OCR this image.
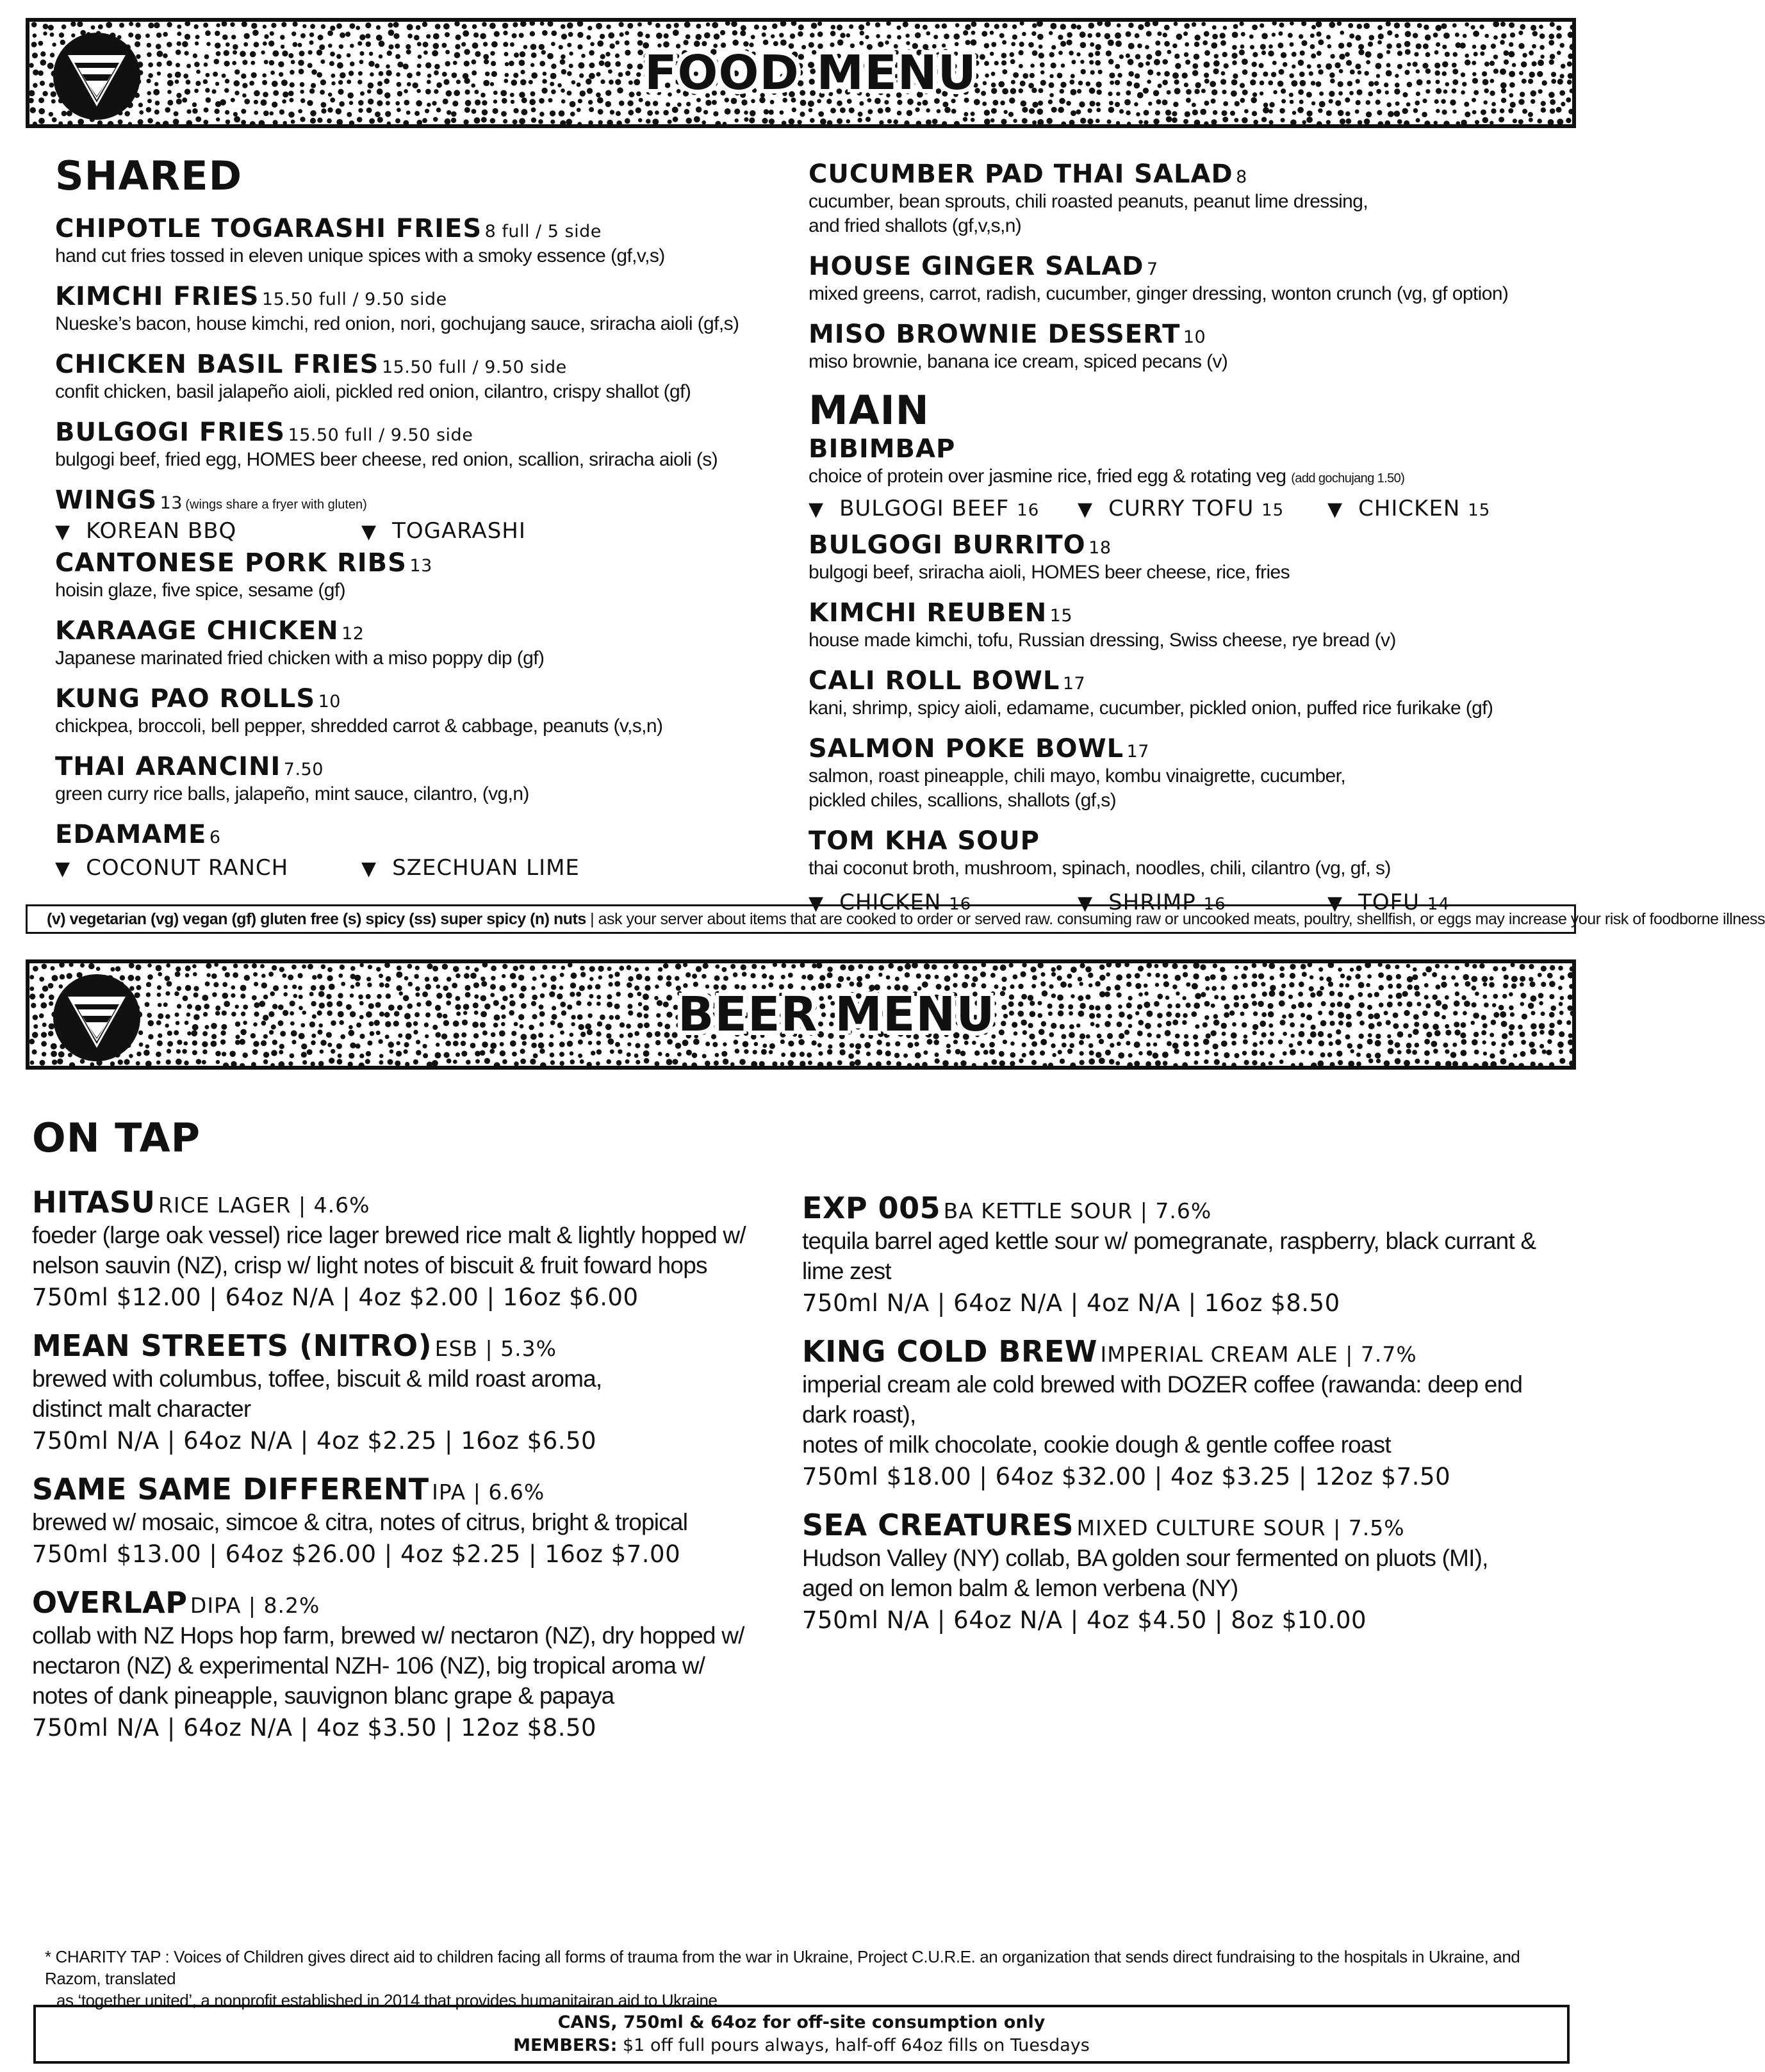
FOOD MENU
SHARED
CHIPOTLE TOGARASHI FRIES 8 full / 5 side
hand cut fries tossed in eleven unique spices with a smoky essence (gf,v,s)
KIMCHI FRIES 15.50 full / 9.50 side
Nueske’s bacon, house kimchi, red onion, nori, gochujang sauce, sriracha aioli (gf,s)
CHICKEN BASIL FRIES 15.50 full / 9.50 side
confit chicken, basil jalapeño aioli, pickled red onion, cilantro, crispy shallot (gf)
BULGOGI FRIES 15.50 full / 9.50 side
bulgogi beef, fried egg, HOMES beer cheese, red onion, scallion, sriracha aioli (s)
WINGS 13 (wings share a fryer with gluten)
▼ KOREAN BBQ	▼ TOGARASHI
CANTONESE PORK RIBS 13
hoisin glaze, five spice, sesame (gf)
KARAAGE CHICKEN 12
Japanese marinated fried chicken with a miso poppy dip (gf)
KUNG PAO ROLLS 10
chickpea, broccoli, bell pepper, shredded carrot & cabbage, peanuts (v,s,n)
THAI ARANCINI 7.50
green curry rice balls, jalapeño, mint sauce, cilantro, (vg,n)
EDAMAME 6
▼ COCONUT RANCH	▼ SZECHUAN LIME
CUCUMBER PAD THAI SALAD 8
cucumber, bean sprouts, chili roasted peanuts, peanut lime dressing,
and fried shallots (gf,v,s,n)
HOUSE GINGER SALAD 7
mixed greens, carrot, radish, cucumber, ginger dressing, wonton crunch (vg, gf option)
MISO BROWNIE DESSERT 10
miso brownie, banana ice cream, spiced pecans (v)
MAIN
BIBIMBAP
choice of protein over jasmine rice, fried egg & rotating veg (add gochujang 1.50)
▼ BULGOGI BEEF 16	▼ CURRY TOFU 15	▼ CHICKEN 15
BULGOGI BURRITO 18
bulgogi beef, sriracha aioli, HOMES beer cheese, rice, fries
KIMCHI REUBEN 15
house made kimchi, tofu, Russian dressing, Swiss cheese, rye bread (v)
CALI ROLL BOWL 17
kani, shrimp, spicy aioli, edamame, cucumber, pickled onion, puffed rice furikake (gf)
SALMON POKE BOWL 17
salmon, roast pineapple, chili mayo, kombu vinaigrette, cucumber,
pickled chiles, scallions, shallots (gf,s)
TOM KHA SOUP
thai coconut broth, mushroom, spinach, noodles, chili, cilantro (vg, gf, s)
▼ CHICKEN 16	▼ SHRIMP 16	▼ TOFU 14
(v) vegetarian (vg) vegan (gf) gluten free (s) spicy (ss) super spicy (n) nuts | ask your server about items that are cooked to order or served raw. consuming raw or uncooked meats, poultry, shellfish, or eggs may increase your risk of foodborne illness
BEER MENU
ON TAP
HITASU RICE LAGER | 4.6%
foeder (large oak vessel) rice lager brewed rice malt & lightly hopped w/
nelson sauvin (NZ), crisp w/ light notes of biscuit & fruit foward hops
750ml $12.00 | 64oz N/A | 4oz $2.00 | 16oz $6.00
MEAN STREETS (NITRO) ESB | 5.3%
brewed with columbus, toffee, biscuit & mild roast aroma,
distinct malt character
750ml N/A | 64oz N/A | 4oz $2.25 | 16oz $6.50
SAME SAME DIFFERENT IPA | 6.6%
brewed w/ mosaic, simcoe & citra, notes of citrus, bright & tropical
750ml $13.00 | 64oz $26.00 | 4oz $2.25 | 16oz $7.00
OVERLAP DIPA | 8.2%
collab with NZ Hops hop farm, brewed w/ nectaron (NZ), dry hopped w/
nectaron (NZ) & experimental NZH- 106 (NZ), big tropical aroma w/
notes of dank pineapple, sauvignon blanc grape & papaya
750ml N/A | 64oz N/A | 4oz $3.50 | 12oz $8.50
EXP 005 BA KETTLE SOUR | 7.6%
tequila barrel aged kettle sour w/ pomegranate, raspberry, black currant &
lime zest
750ml N/A | 64oz N/A | 4oz N/A | 16oz $8.50
KING COLD BREW IMPERIAL CREAM ALE | 7.7%
imperial cream ale cold brewed with DOZER coffee (rawanda: deep end dark roast),
notes of milk chocolate, cookie dough & gentle coffee roast
750ml $18.00 | 64oz $32.00 | 4oz $3.25 | 12oz $7.50
SEA CREATURES MIXED CULTURE SOUR | 7.5%
Hudson Valley (NY) collab, BA golden sour fermented on pluots (MI),
aged on lemon balm & lemon verbena (NY)
750ml N/A | 64oz N/A | 4oz $4.50 | 8oz $10.00
* CHARITY TAP : Voices of Children gives direct aid to children facing all forms of trauma from the war in Ukraine, Project C.U.R.E. an organization that sends direct fundraising to the hospitals in Ukraine, and Razom, translated
as ‘together united’, a nonprofit established in 2014 that provides humanitairan aid to Ukraine
CANS, 750ml & 64oz for off-site consumption only
MEMBERS: $1 off full pours always, half-off 64oz fills on Tuesdays
